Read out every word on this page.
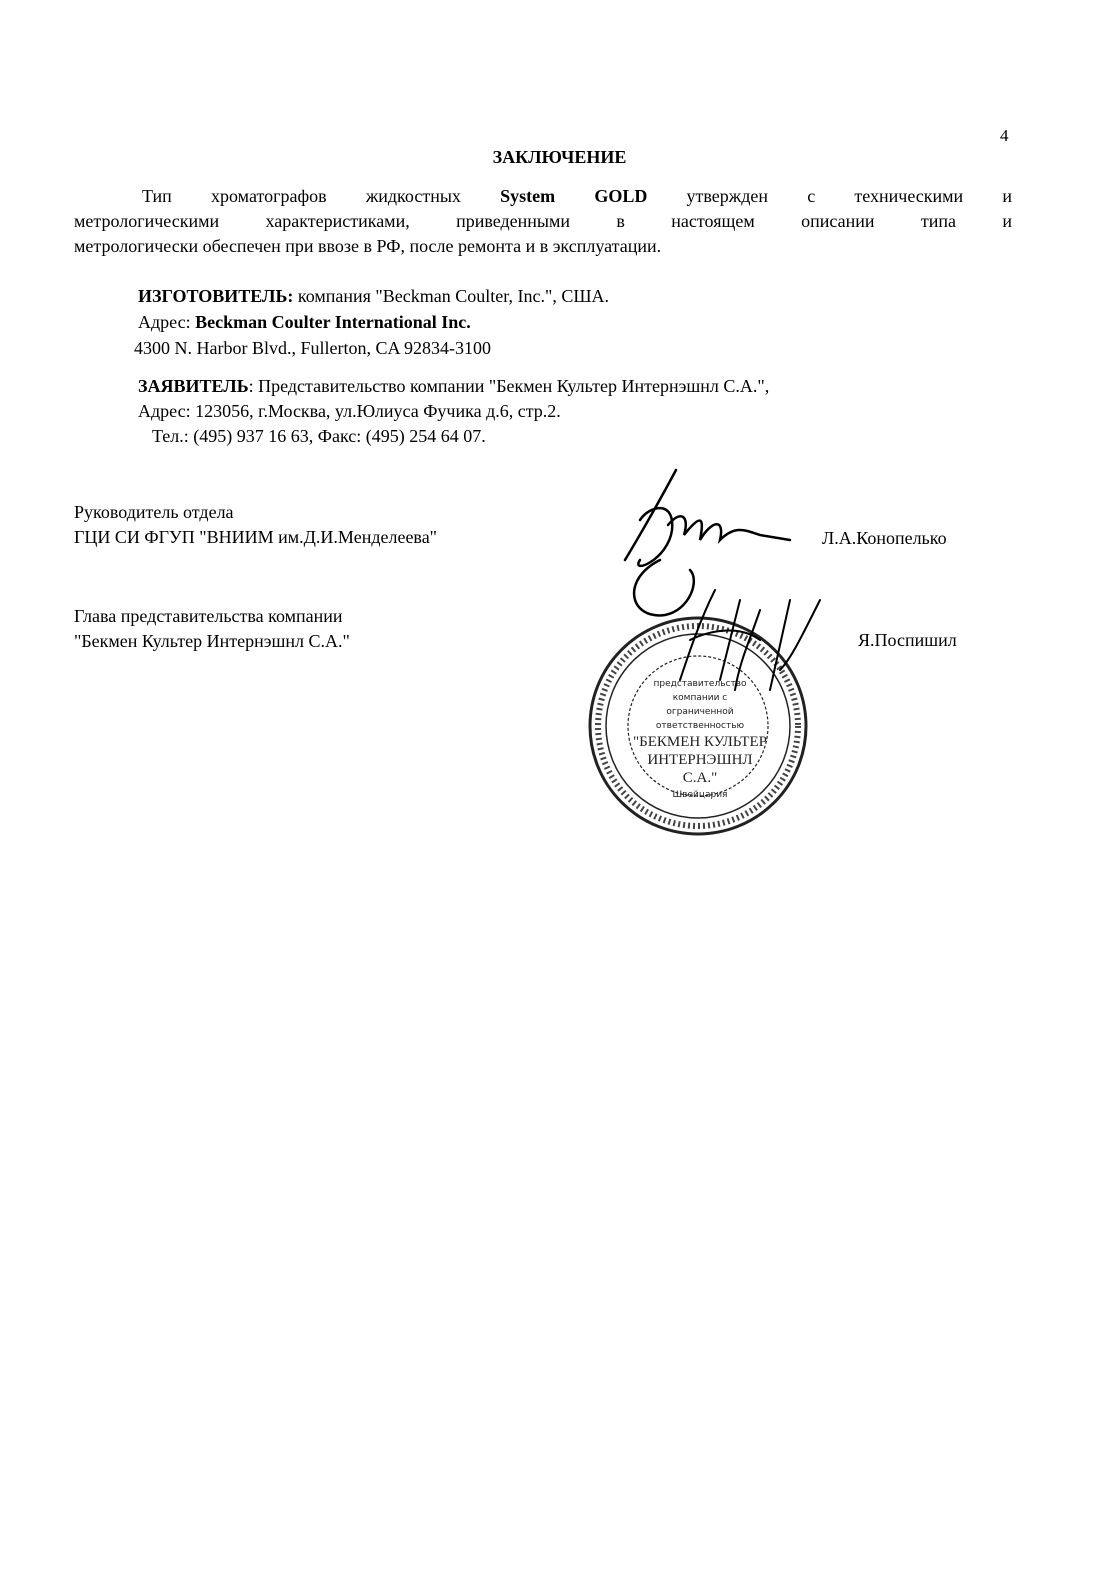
4
ЗАКЛЮЧЕНИЕ
Тип хроматографов жидкостных System GOLD утвержден с техническими и
метрологическими характеристиками, приведенными в настоящем описании типа и
метрологически обеспечен при ввозе в РФ, после ремонта и в эксплуатации.
ИЗГОТОВИТЕЛЬ: компания "Beckman Coulter, Inc.", США.
Адрес: Beckman Coulter International Inc.
4300 N. Harbor Blvd., Fullerton, CA 92834-3100
ЗАЯВИТЕЛЬ: Представительство компании "Бекмен Культер Интернэшнл С.А.",
Адрес: 123056, г.Москва, ул.Юлиуса Фучика д.6, стр.2.
Тел.: (495) 937 16 63, Факс: (495) 254 64 07.
Руководитель отдела
ГЦИ СИ ФГУП "ВНИИМ им.Д.И.Менделеева"	Л.А.Конопелько
Глава представительства компании
"Бекмен Культер Интернэшнл С.А."	Я.Поспишил
представительство
компании с
ограниченной
ответственностью
"БЕКМЕН КУЛЬТЕР
ИНТЕРНЭШНЛ
С.А."
Швейцария
